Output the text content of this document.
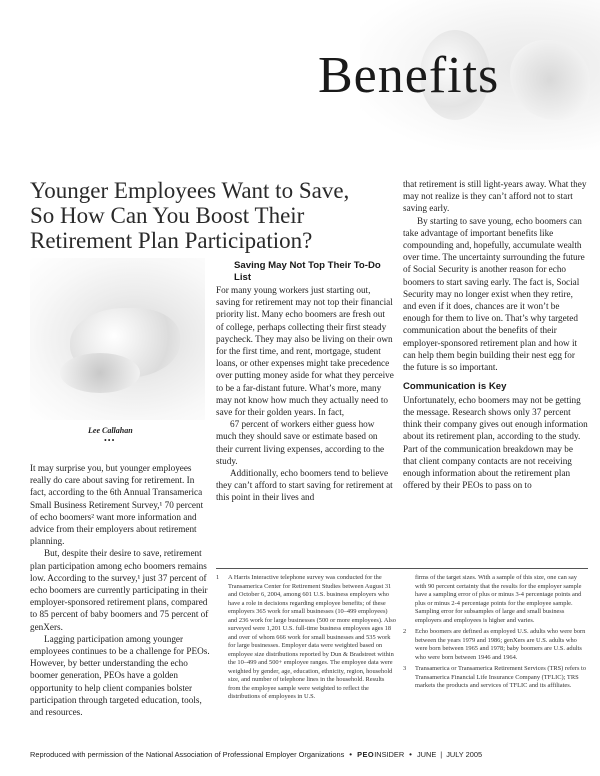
Benefits
Younger Employees Want to Save, So How Can You Boost Their Retirement Plan Participation?
Lee Callahan
•••

It may surprise you, but younger employees really do care about saving for retirement. In fact, according to the 6th Annual Transamerica Small Business Retirement Survey,¹ 70 percent of echo boomers² want more information and advice from their employers about retirement planning.

But, despite their desire to save, retirement plan participation among echo boomers remains low. According to the survey,¹ just 37 percent of echo boomers are currently participating in their employer-sponsored retirement plans, compared to 85 percent of baby boomers and 75 percent of genXers.

Lagging participation among younger employees continues to be a challenge for PEOs. However, by better understanding the echo boomer generation, PEOs have a golden opportunity to help client companies bolster participation through targeted education, tools, and resources.

Saving May Not Top Their To-Do List

For many young workers just starting out, saving for retirement may not top their financial priority list. Many echo boomers are fresh out of college, perhaps collecting their first steady paycheck. They may also be living on their own for the first time, and rent, mortgage, student loans, or other expenses might take precedence over putting money aside for what they perceive to be a far-distant future. What’s more, many may not know how much they actually need to save for their golden years. In fact,

67 percent of workers either guess how much they should save or estimate based on their current living expenses, according to the study.

Additionally, echo boomers tend to believe they can’t afford to start saving for retirement at this point in their lives and

that retirement is still light-years away. What they may not realize is they can’t afford not to start saving early.

By starting to save young, echo boomers can take advantage of important benefits like compounding and, hopefully, accumulate wealth over time. The uncertainty surrounding the future of Social Security is another reason for echo boomers to start saving early. The fact is, Social Security may no longer exist when they retire, and even if it does, chances are it won’t be enough for them to live on. That’s why targeted communication about the benefits of their employer-sponsored retirement plan and how it can help them begin building their nest egg for the future is so important.

Communication is Key

Unfortunately, echo boomers may not be getting the message. Research shows only 37 percent think their company gives out enough information about its retirement plan, according to the study. Part of the communication breakdown may be that client company contacts are not receiving enough information about the retirement plan offered by their PEOs to pass on to

1	A Harris Interactive telephone survey was conducted for the Transamerica Center for Retirement Studies between August 31 and October 6, 2004, among 601 U.S. business employers who have a role in decisions regarding employee benefits; of these employers 365 work for small businesses (10–499 employees) and 236 work for large businesses (500 or more employees). Also surveyed were 1,201 U.S. full-time business employees ages 18 and over of whom 666 work for small businesses and 535 work for large businesses. Employer data were weighted based on employee size distributions reported by Dun & Bradstreet within the 10–499 and 500+ employee ranges. The employee data were weighted by gender, age, education, ethnicity, region, household size, and number of telephone lines in the household. Results from the employee sample were weighted to reflect the distributions of employees in U.S.
firms of the target sizes. With a sample of this size, one can say with 90 percent certainty that the results for the employer sample have a sampling error of plus or minus 3-4 percentage points and plus or minus 2-4 percentage points for the employee sample. Sampling error for subsamples of large and small business employers and employees is higher and varies.
2	Echo boomers are defined as employed U.S. adults who were born between the years 1979 and 1986; genXers are U.S. adults who were born between 1965 and 1978; baby boomers are U.S. adults who were born between 1946 and 1964.
3	Transamerica or Transamerica Retirement Services (TRS) refers to Transamerica Financial Life Insurance Company (TFLIC); TRS markets the products and services of TFLIC and its affiliates.
Reproduced with permission of the National Association of Professional Employer Organizations • PEOINSIDER • JUNE | JULY 2005
